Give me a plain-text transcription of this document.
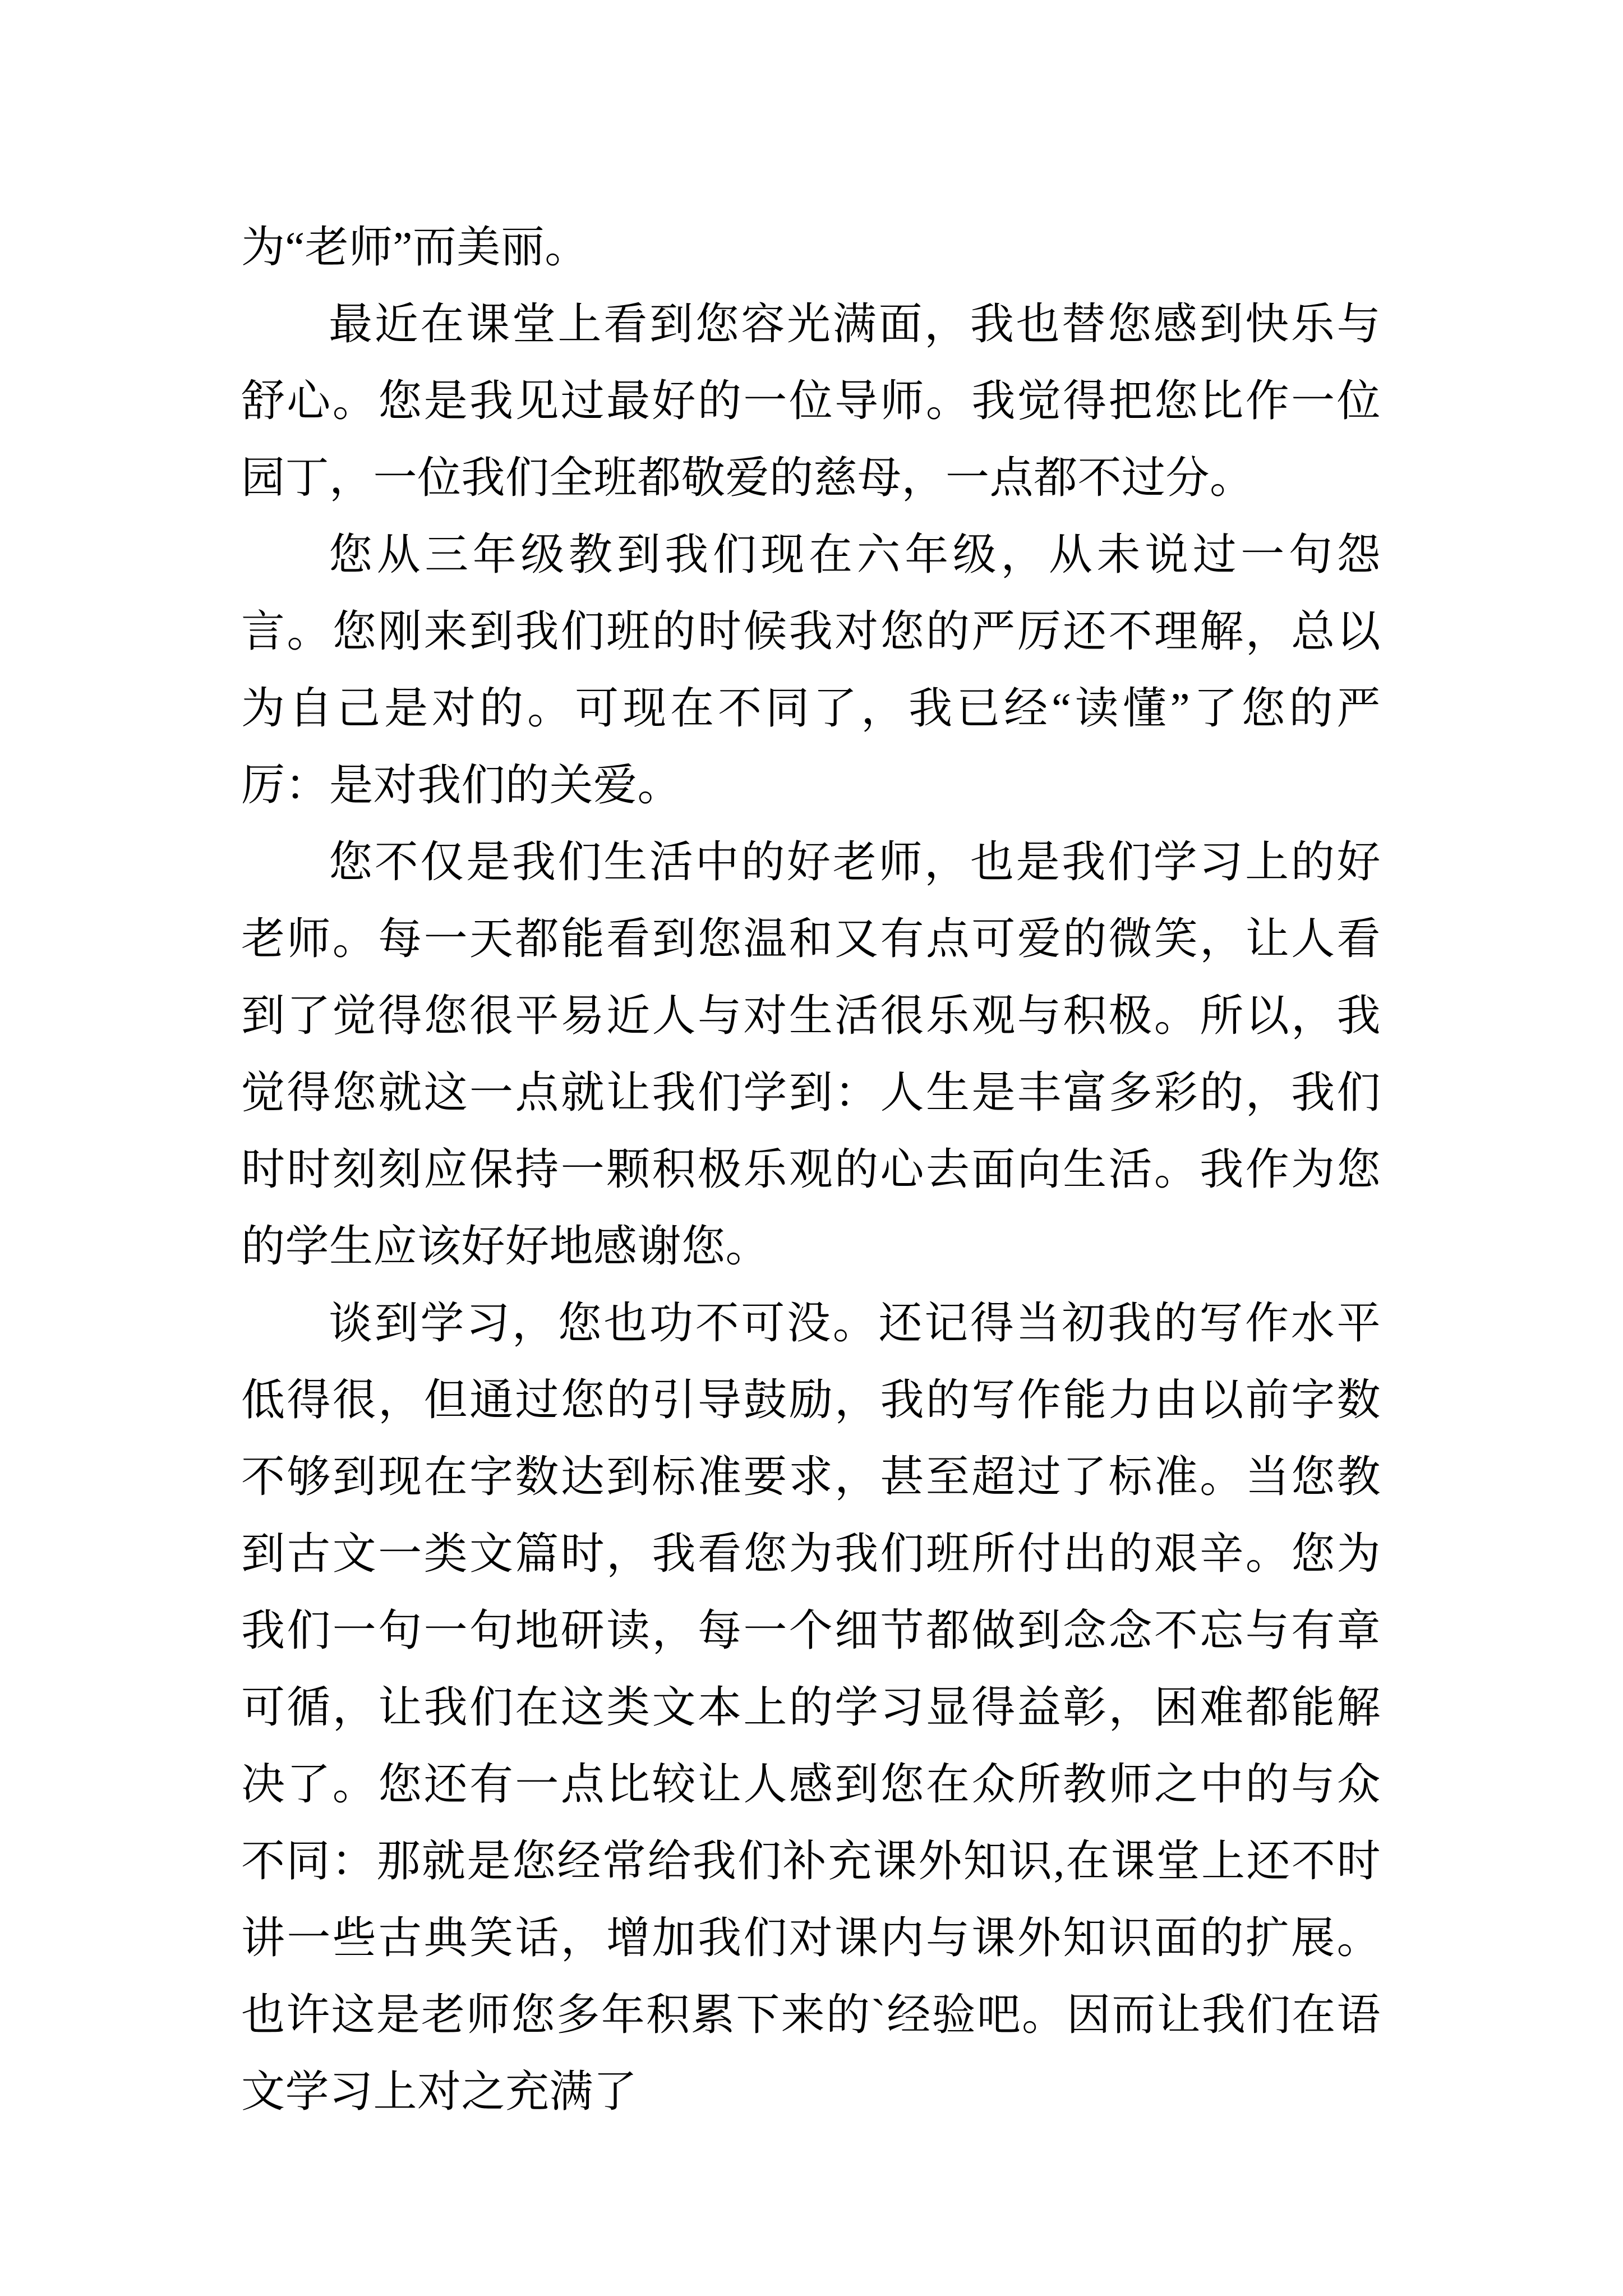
为“老师”而美丽。

最近在课堂上看到您容光满面，我也替您感到快乐与舒心。您是我见过最好的一位导师。我觉得把您比作一位园丁，一位我们全班都敬爱的慈母，一点都不过分。

您从三年级教到我们现在六年级，从未说过一句怨言。您刚来到我们班的时候我对您的严厉还不理解，总以为自己是对的。可现在不同了，我已经“读懂”了您的严厉：是对我们的关爱。

您不仅是我们生活中的好老师，也是我们学习上的好老师。每一天都能看到您温和又有点可爱的微笑，让人看到了觉得您很平易近人与对生活很乐观与积极。所以，我觉得您就这一点就让我们学到：人生是丰富多彩的，我们时时刻刻应保持一颗积极乐观的心去面向生活。我作为您的学生应该好好地感谢您。

谈到学习，您也功不可没。还记得当初我的写作水平低得很，但通过您的引导鼓励，我的写作能力由以前字数不够到现在字数达到标准要求，甚至超过了标准。当您教到古文一类文篇时，我看您为我们班所付出的艰辛。您为我们一句一句地研读，每一个细节都做到念念不忘与有章可循，让我们在这类文本上的学习显得益彰，困难都能解决了。您还有一点比较让人感到您在众所教师之中的与众不同：那就是您经常给我们补充课外知识,在课堂上还不时讲一些古典笑话，增加我们对课内与课外知识面的扩展。也许这是老师您多年积累下来的`经验吧。因而让我们在语文学习上对之充满了
